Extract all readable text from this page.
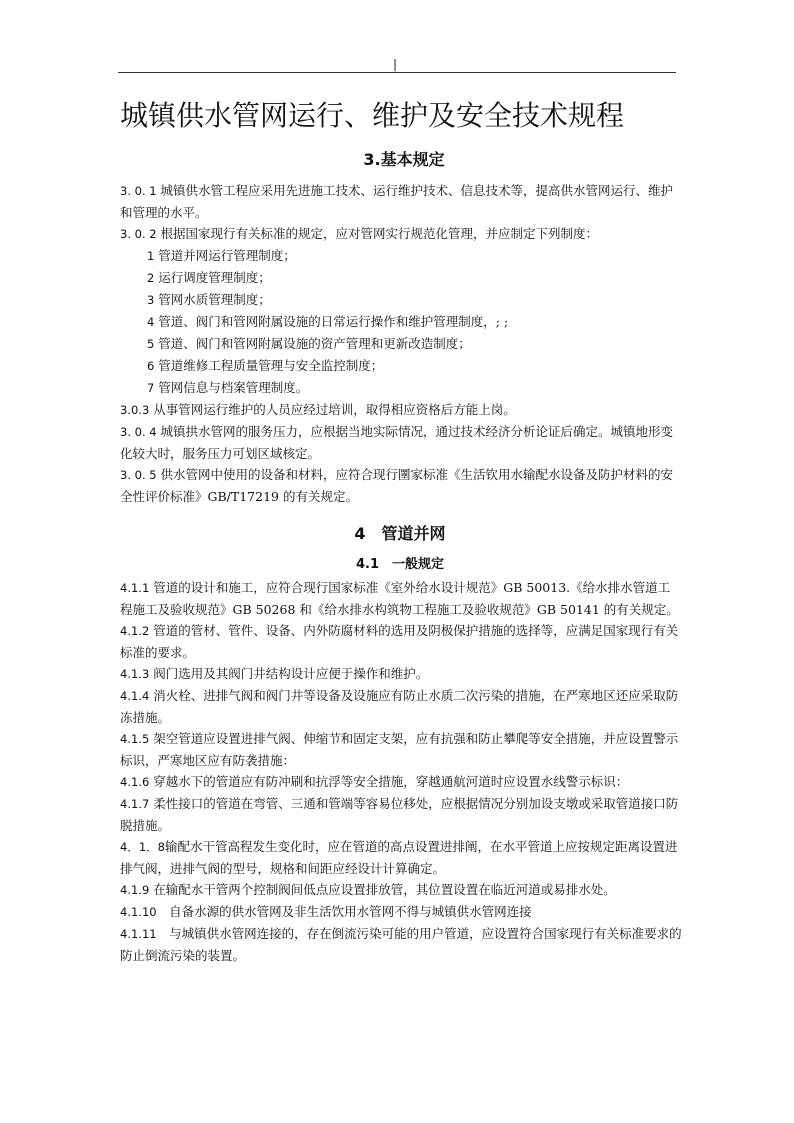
|
城镇供水管网运行、维护及安全技术规程
3.基本规定

3. 0. 1 城镇供水管工程应采用先进施工技术、运行维护技术、信息技术等，提高供水管网运行、维护和管理的水平。

3. 0. 2 根据国家现行有关标准的规定，应对管网实行规范化管理，并应制定下列制度：

1 管道并网运行管理制度；

2 运行调度管理制度；

3 管网水质管理制度；

4 管道、阀门和管网附属设施的日常运行操作和维护管理制度，; ;

5 管道、阀门和管网附属设施的资产管理和更新改造制度；

6 管道维修工程质量管理与安全监控制度；

7 管网信息与档案管理制度。

3.0.3 从事管网运行维护的人员应经过培训，取得相应资格后方能上岗。

3. 0. 4 城镇拱水管网的服务压力，应根据当地实际情况，通过技术经济分析论证后确定。城镇地形变化较大时，服务压力可划区域核定。

3. 0. 5 供水管网中使用的设备和材料，应符合现行圛家标准《生活钦用水输配水设备及防护材料的安全性评价标准》GB/T17219 的有关规定。

4　管道并网
4.1　一般规定

4.1.1 管道的设计和施工，应符合现行国家标准《室外给水设计规范》GB 50013.《给水排水管道工程施工及验收规范》GB 50268 和《给水排水构筑物工程施工及验收规范》GB 50141 的有关规定。

4.1.2 管道的管材、管件、设备、内外防腐材料的选用及阴极保护措施的选择等，应满足国家现行有关标准的要求。

4.1.3 阀门选用及其阀门井结构设计应便于操作和维护。

4.1.4 消火栓、进排气阀和阀门井等设备及设施应有防止水质二次污染的措施，在严寒地区还应采取防冻措施。

4.1.5 架空管道应设置进排气阀、伸缩节和固定支架，应有抗强和防止攀爬等安全措施，并应设置警示标识，严寒地区应有防袭措施：

4.1.6 穿越水下的管道应有防冲刷和抗浮等安全措施，穿越通航河道时应设置水线警示标识：

4.1.7 柔性接口的管道在弯管、三通和管端等容易位移处，应根据情况分别加设支墩或采取管道接口防脱措施。

4．1．8输配水干管高程发生变化时，应在管道的高点设置进排阐，在水平管道上应按规定距离设置进排气阀，进排气阀的型号，规格和间距应经设计计算确定。

4.1.9 在输配水干管两个控制阀间低点应设置排放管，其位置设置在临近河道或易排水处。

4.1.10　自备水源的供水管网及非生活饮用水管网不得与城镇供水管网连接

4.1.11　与城镇供水管网连接的，存在倒流污染可能的用户管道，应设置符合国家现行有关标准要求的防止倒流污染的装置。
